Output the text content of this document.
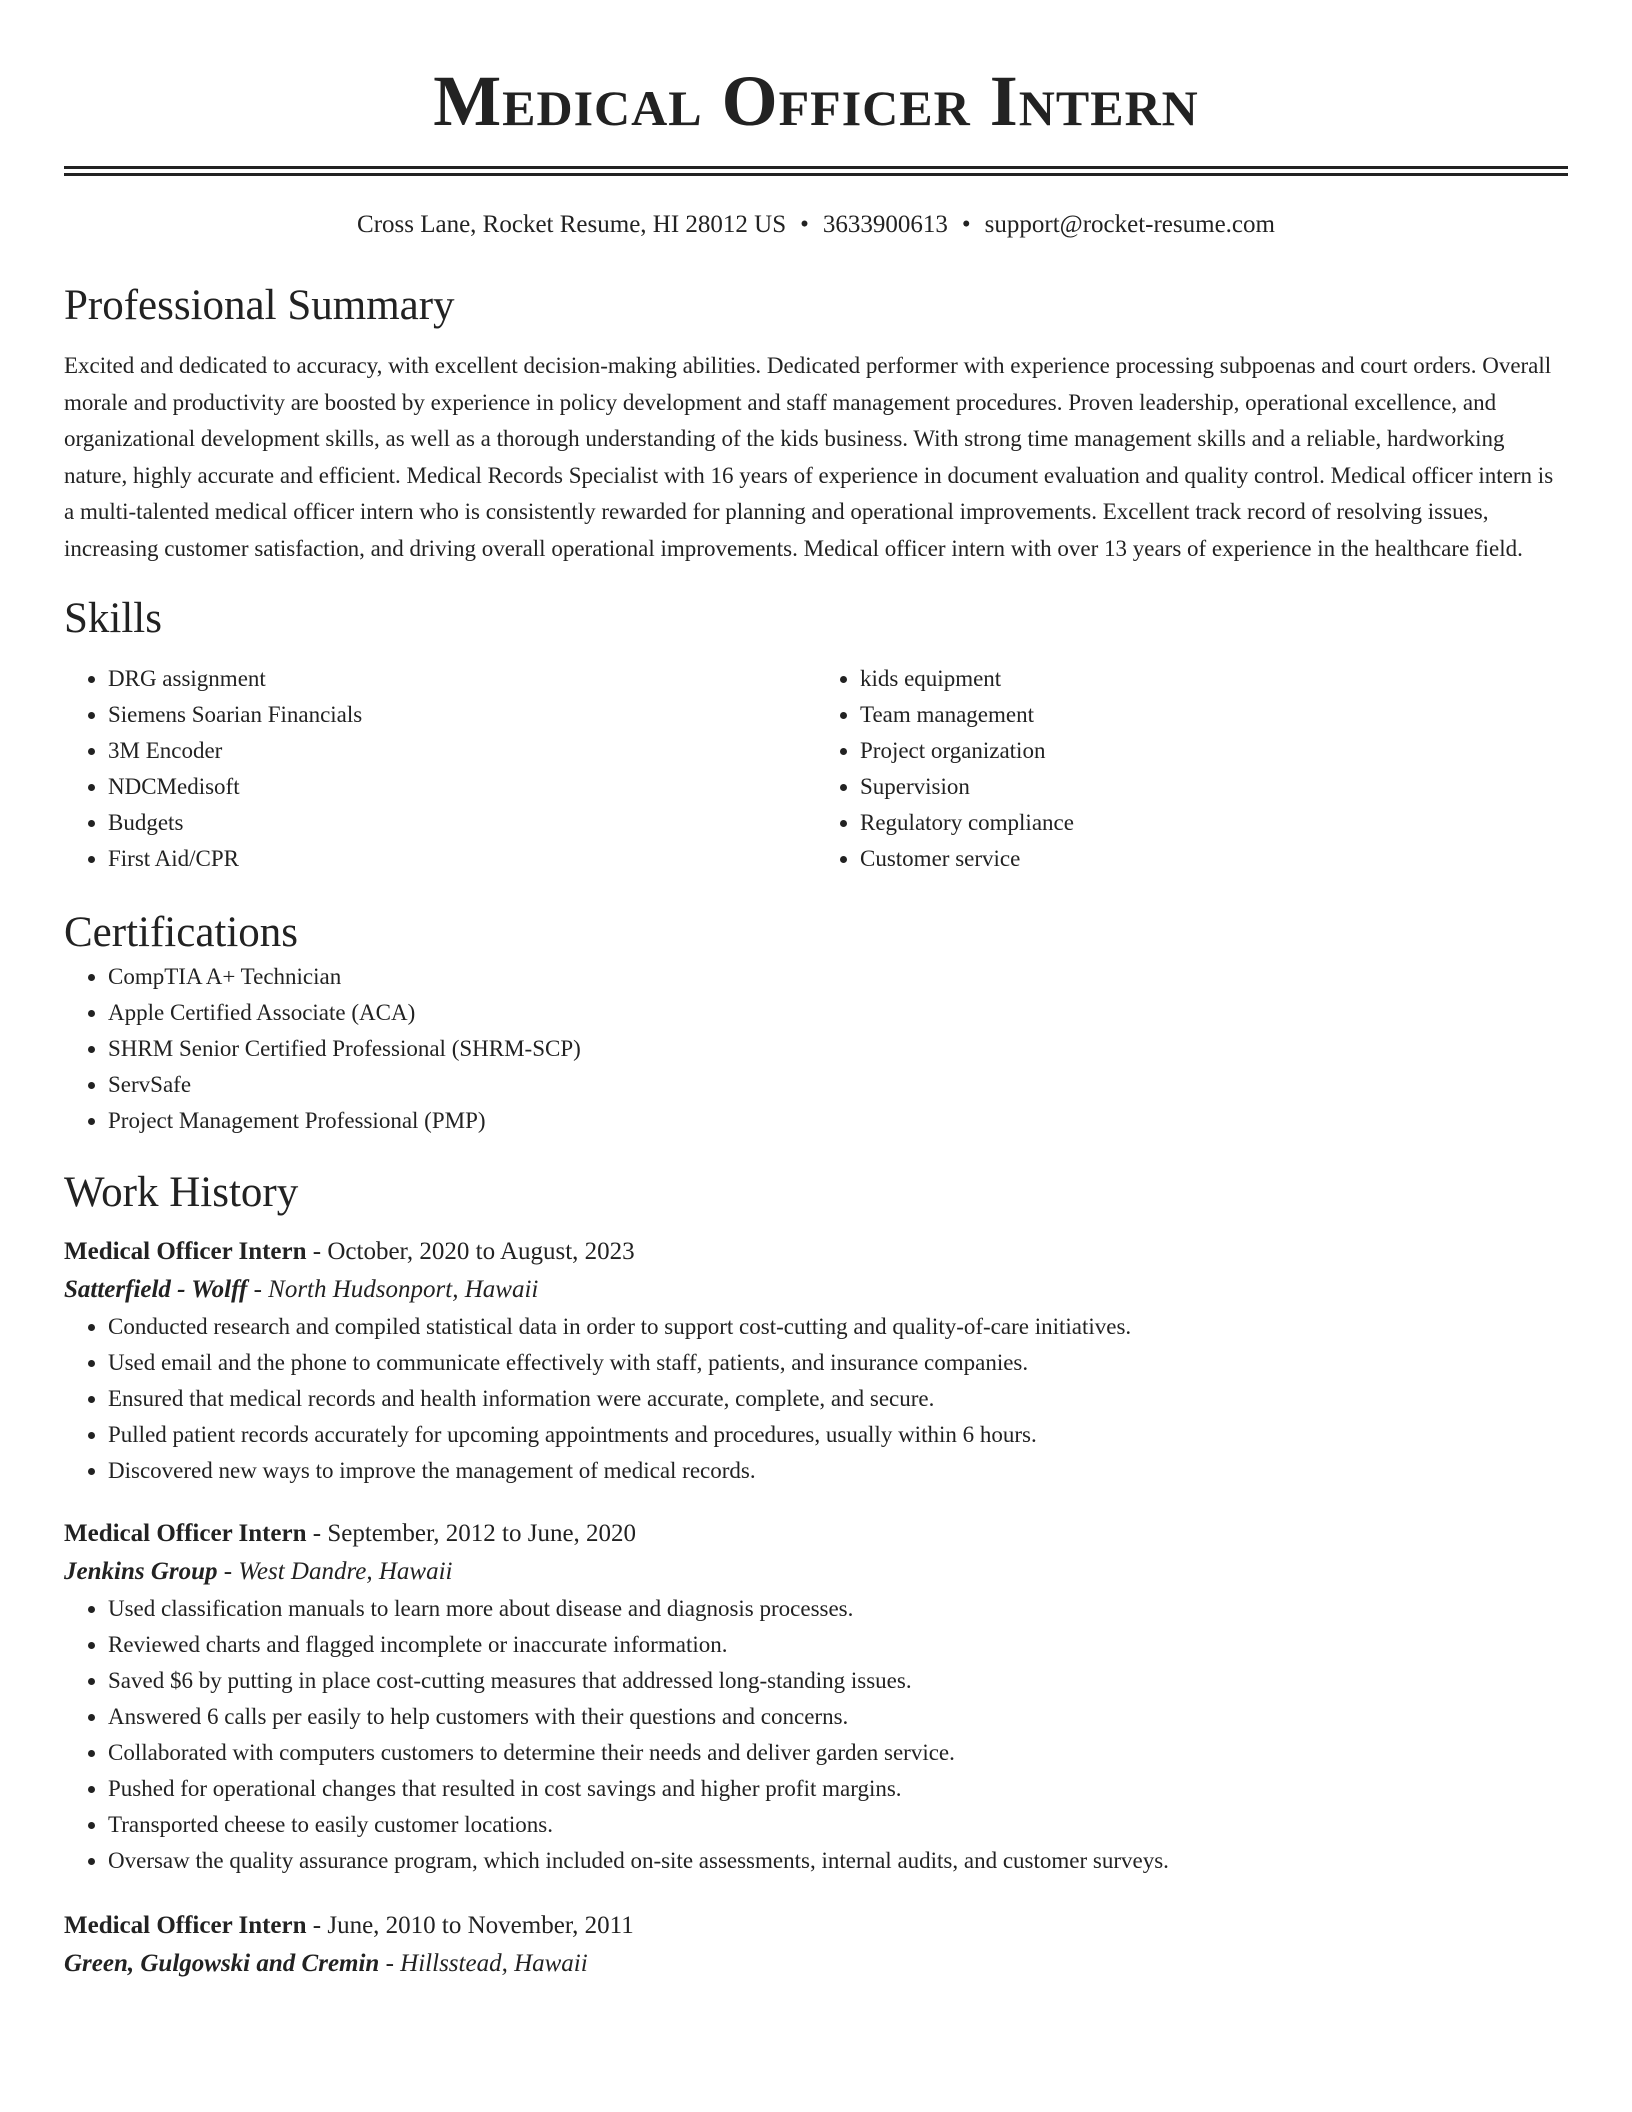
Medical Officer Intern
Cross Lane, Rocket Resume, HI 28012 US • 3633900613 • support@rocket-resume.com
Professional Summary
Excited and dedicated to accuracy, with excellent decision-making abilities. Dedicated performer with experience processing subpoenas and court orders. Overall morale and productivity are boosted by experience in policy development and staff management procedures. Proven leadership, operational excellence, and organizational development skills, as well as a thorough understanding of the kids business. With strong time management skills and a reliable, hardworking nature, highly accurate and efficient. Medical Records Specialist with 16 years of experience in document evaluation and quality control. Medical officer intern is a multi-talented medical officer intern who is consistently rewarded for planning and operational improvements. Excellent track record of resolving issues, increasing customer satisfaction, and driving overall operational improvements. Medical officer intern with over 13 years of experience in the healthcare field.
Skills
• DRG assignment
• Siemens Soarian Financials
• 3M Encoder
• NDCMedisoft
• Budgets
• First Aid/CPR
• kids equipment
• Team management
• Project organization
• Supervision
• Regulatory compliance
• Customer service
Certifications
• CompTIA A+ Technician
• Apple Certified Associate (ACA)
• SHRM Senior Certified Professional (SHRM-SCP)
• ServSafe
• Project Management Professional (PMP)
Work History
Medical Officer Intern - October, 2020 to August, 2023
Satterfield - Wolff - North Hudsonport, Hawaii
• Conducted research and compiled statistical data in order to support cost-cutting and quality-of-care initiatives.
• Used email and the phone to communicate effectively with staff, patients, and insurance companies.
• Ensured that medical records and health information were accurate, complete, and secure.
• Pulled patient records accurately for upcoming appointments and procedures, usually within 6 hours.
• Discovered new ways to improve the management of medical records.
Medical Officer Intern - September, 2012 to June, 2020
Jenkins Group - West Dandre, Hawaii
• Used classification manuals to learn more about disease and diagnosis processes.
• Reviewed charts and flagged incomplete or inaccurate information.
• Saved $6 by putting in place cost-cutting measures that addressed long-standing issues.
• Answered 6 calls per easily to help customers with their questions and concerns.
• Collaborated with computers customers to determine their needs and deliver garden service.
• Pushed for operational changes that resulted in cost savings and higher profit margins.
• Transported cheese to easily customer locations.
• Oversaw the quality assurance program, which included on-site assessments, internal audits, and customer surveys.
Medical Officer Intern - June, 2010 to November, 2011
Green, Gulgowski and Cremin - Hillsstead, Hawaii
